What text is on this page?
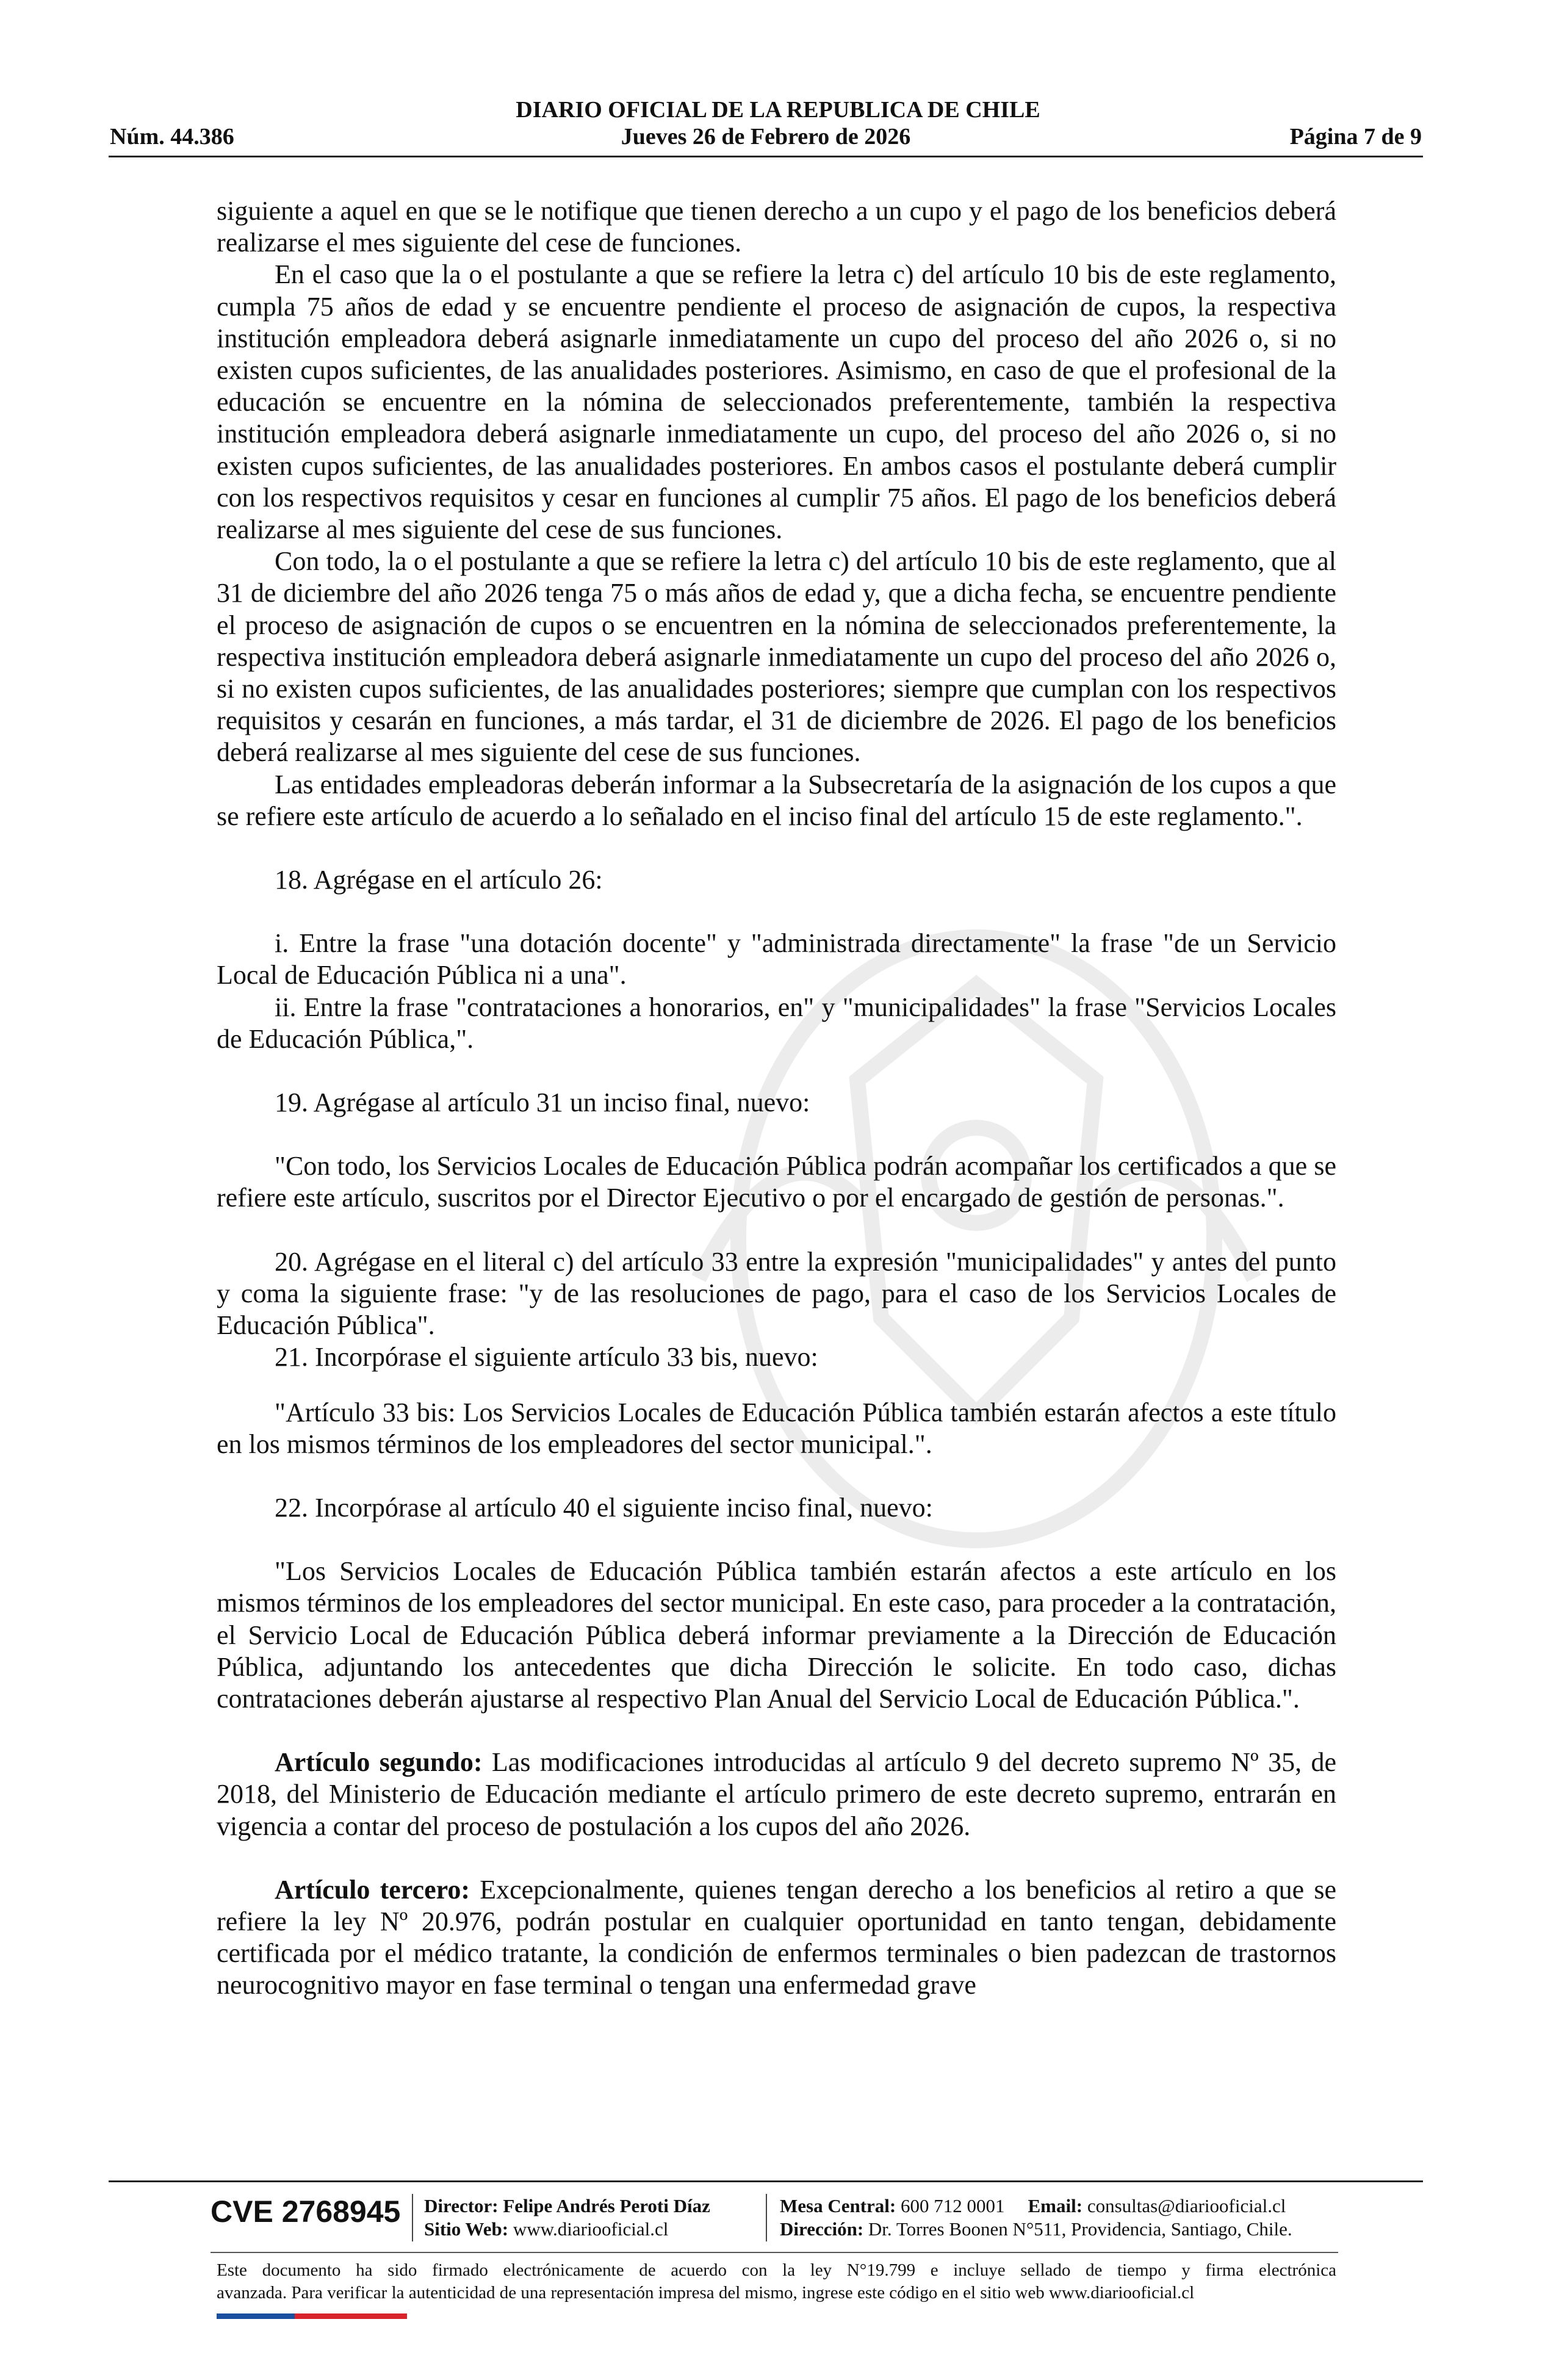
DIARIO OFICIAL DE LA REPUBLICA DE CHILE
Núm. 44.386	Jueves 26 de Febrero de 2026	Página 7 de 9

siguiente a aquel en que se le notifique que tienen derecho a un cupo y el pago de los beneficios deberá realizarse el mes siguiente del cese de funciones.

En el caso que la o el postulante a que se refiere la letra c) del artículo 10 bis de este reglamento, cumpla 75 años de edad y se encuentre pendiente el proceso de asignación de cupos, la respectiva institución empleadora deberá asignarle inmediatamente un cupo del proceso del año 2026 o, si no existen cupos suficientes, de las anualidades posteriores. Asimismo, en caso de que el profesional de la educación se encuentre en la nómina de seleccionados preferentemente, también la respectiva institución empleadora deberá asignarle inmediatamente un cupo, del proceso del año 2026 o, si no existen cupos suficientes, de las anualidades posteriores. En ambos casos el postulante deberá cumplir con los respectivos requisitos y cesar en funciones al cumplir 75 años. El pago de los beneficios deberá realizarse al mes siguiente del cese de sus funciones.

Con todo, la o el postulante a que se refiere la letra c) del artículo 10 bis de este reglamento, que al 31 de diciembre del año 2026 tenga 75 o más años de edad y, que a dicha fecha, se encuentre pendiente el proceso de asignación de cupos o se encuentren en la nómina de seleccionados preferentemente, la respectiva institución empleadora deberá asignarle inmediatamente un cupo del proceso del año 2026 o, si no existen cupos suficientes, de las anualidades posteriores; siempre que cumplan con los respectivos requisitos y cesarán en funciones, a más tardar, el 31 de diciembre de 2026. El pago de los beneficios deberá realizarse al mes siguiente del cese de sus funciones.

Las entidades empleadoras deberán informar a la Subsecretaría de la asignación de los cupos a que se refiere este artículo de acuerdo a lo señalado en el inciso final del artículo 15 de este reglamento.".

18. Agrégase en el artículo 26:

i. Entre la frase "una dotación docente" y "administrada directamente" la frase "de un Servicio Local de Educación Pública ni a una".

ii. Entre la frase "contrataciones a honorarios, en" y "municipalidades" la frase "Servicios Locales de Educación Pública,".

19. Agrégase al artículo 31 un inciso final, nuevo:

"Con todo, los Servicios Locales de Educación Pública podrán acompañar los certificados a que se refiere este artículo, suscritos por el Director Ejecutivo o por el encargado de gestión de personas.".

20. Agrégase en el literal c) del artículo 33 entre la expresión "municipalidades" y antes del punto y coma la siguiente frase: "y de las resoluciones de pago, para el caso de los Servicios Locales de Educación Pública".

21. Incorpórase el siguiente artículo 33 bis, nuevo:

"Artículo 33 bis: Los Servicios Locales de Educación Pública también estarán afectos a este título en los mismos términos de los empleadores del sector municipal.".

22. Incorpórase al artículo 40 el siguiente inciso final, nuevo:

"Los Servicios Locales de Educación Pública también estarán afectos a este artículo en los mismos términos de los empleadores del sector municipal. En este caso, para proceder a la contratación, el Servicio Local de Educación Pública deberá informar previamente a la Dirección de Educación Pública, adjuntando los antecedentes que dicha Dirección le solicite. En todo caso, dichas contrataciones deberán ajustarse al respectivo Plan Anual del Servicio Local de Educación Pública.".

Artículo segundo: Las modificaciones introducidas al artículo 9 del decreto supremo Nº 35, de 2018, del Ministerio de Educación mediante el artículo primero de este decreto supremo, entrarán en vigencia a contar del proceso de postulación a los cupos del año 2026.

Artículo tercero: Excepcionalmente, quienes tengan derecho a los beneficios al retiro a que se refiere la ley Nº 20.976, podrán postular en cualquier oportunidad en tanto tengan, debidamente certificada por el médico tratante, la condición de enfermos terminales o bien padezcan de trastornos neurocognitivo mayor en fase terminal o tengan una enfermedad grave

CVE 2768945 Director: Felipe Andrés Peroti Díaz
Sitio Web: www.diariooficial.cl
Mesa Central: 600 712 0001 Email: consultas@diariooficial.cl
Dirección: Dr. Torres Boonen N°511, Providencia, Santiago, Chile.
Este documento ha sido firmado electrónicamente de acuerdo con la ley N°19.799 e incluye sellado de tiempo y firma electrónica
avanzada. Para verificar la autenticidad de una representación impresa del mismo, ingrese este código en el sitio web www.diariooficial.cl
